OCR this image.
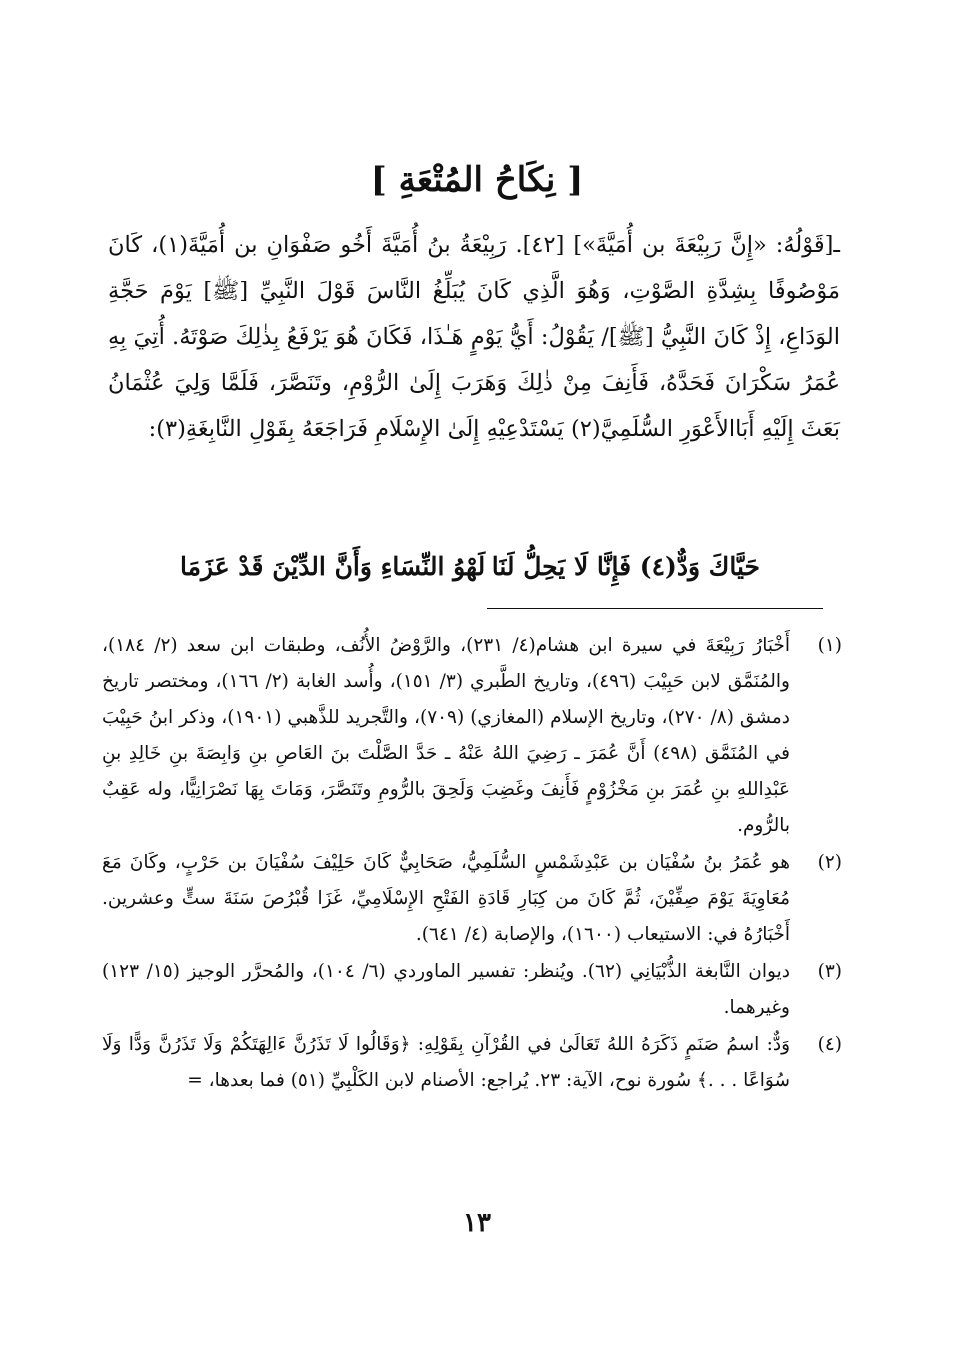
[ نِكَاحُ المُتْعَةِ ]

ـ[قَوْلُهُ: «إِنَّ رَبِيْعَةَ بن أُمَيَّةَ»] [٤٢]. رَبِيْعَةُ بنُ أُمَيَّةَ أَخُو صَفْوَانِ بن أُمَيَّةَ(١)، كَانَ مَوْصُوفًا بِشِدَّةِ الصَّوْتِ، وَهُوَ الَّذِي كَانَ يُبَلِّغُ النَّاسَ قَوْلَ النَّبِيِّ [ﷺ] يَوْمَ حَجَّةِ الوَدَاعِ، إِذْ كَانَ النَّبِيُّ [ﷺ]/ يَقُوْلُ: أَيُّ يَوْمٍ هَـٰذَا، فَكَانَ هُوَ يَرْفَعُ بِذٰلِكَ صَوْتَهُ. أُتِيَ بِهِ عُمَرُ سَكْرَانَ فَحَدَّهُ، فَأَنِفَ مِنْ ذٰلِكَ وَهَرَبَ إِلَىٰ الرُّوْمِ، وتَنَصَّرَ، فَلَمَّا وَلِيَ عُثْمَانُ بَعَثَ إِلَيْهِ أَبَاالأَعْوَرِ السُّلَمِيَّ(٢) يَسْتَدْعِيْهِ إِلَىٰ الإِسْلَامِ فَرَاجَعَهُ بِقَوْلِ النَّابِغَةِ(٣):

حَيَّاكَ وَدٌّ(٤) فَإِنَّا لَا يَحِلُّ لَنَا
لَهْوُ النِّسَاءِ وَأَنَّ الدِّيْنَ قَدْ عَزَمَا
(١)
أَخْبَارُ رَبِيْعَةَ في سيرة ابن هشام(٤/ ٢٣١)، والرَّوْضُ الأُنُف، وطبقات ابن سعد (٢/ ١٨٤)، والمُنَمَّق لابن حَبِيْبَ (٤٩٦)، وتاريخ الطَّبري (٣/ ١٥١)، وأُسد الغابة (٢/ ١٦٦)، ومختصر تاريخ دمشق (٨/ ٢٧٠)، وتاريخ الإسلام (المغازي) (٧٠٩)، والتَّجريد للذَّهبي (١٩٠١)، وذكر ابنُ حَبِيْبَ في المُنَمَّق (٤٩٨) أَنَّ عُمَرَ ـ رَضِيَ اللهُ عَنْهُ ـ حَدَّ الصَّلْتَ بنَ العَاصِ بنِ وَابِصَةَ بنِ خَالِدِ بنِ عَبْدِاللهِ بنِ عُمَرَ بنِ مَخْزُوْمٍ فَأَنِفَ وغَضِبَ وَلَحِقَ بالرُّومِ وتَنَصَّرَ، وَمَاتَ بِهَا نَصْرَانِيًّا، وله عَقِبٌ بالرُّوم.
(٢)
هو عُمَرُ بنُ سُفْيَان بن عَبْدِشَمْسٍ السُّلَمِيُّ، صَحَابِيٌّ كَانَ حَلِيْفَ سُفْيَانَ بن حَرْبٍ، وكَانَ مَعَ مُعَاوِيَةَ يَوْمَ صِفِّيْنَ، ثُمَّ كَانَ من كِبَارِ قَادَةِ الفَتْحِ الإِسْلَامِيِّ، غَزَا قُبْرُصَ سَنَةَ ستٍّ وعشرين. أَخْبَارُهُ في: الاستيعاب (١٦٠٠)، والإصابة (٤/ ٦٤١).
(٣)
ديوان النَّابغة الذُّبْيَانِي (٦٢). ويُنظر: تفسير الماوردي (٦/ ١٠٤)، والمُحرَّر الوجيز (١٥/ ١٢٣) وغيرهما.
(٤)
وَدٌّ: اسمُ صَنَمٍ ذَكَرَهُ اللهُ تَعَالَىٰ في القُرْآنِ بِقَوْلِهِ: ﴿وَقَالُوا لَا تَذَرُنَّ ءَالِهَتَكُمْ وَلَا تَذَرُنَّ وَدًّا وَلَا سُوَاعًا . . .﴾ سُورة نوح، الآية: ٢٣. يُراجع: الأصنام لابن الكَلْبِيِّ (٥١) فما بعدها، =
١٣
